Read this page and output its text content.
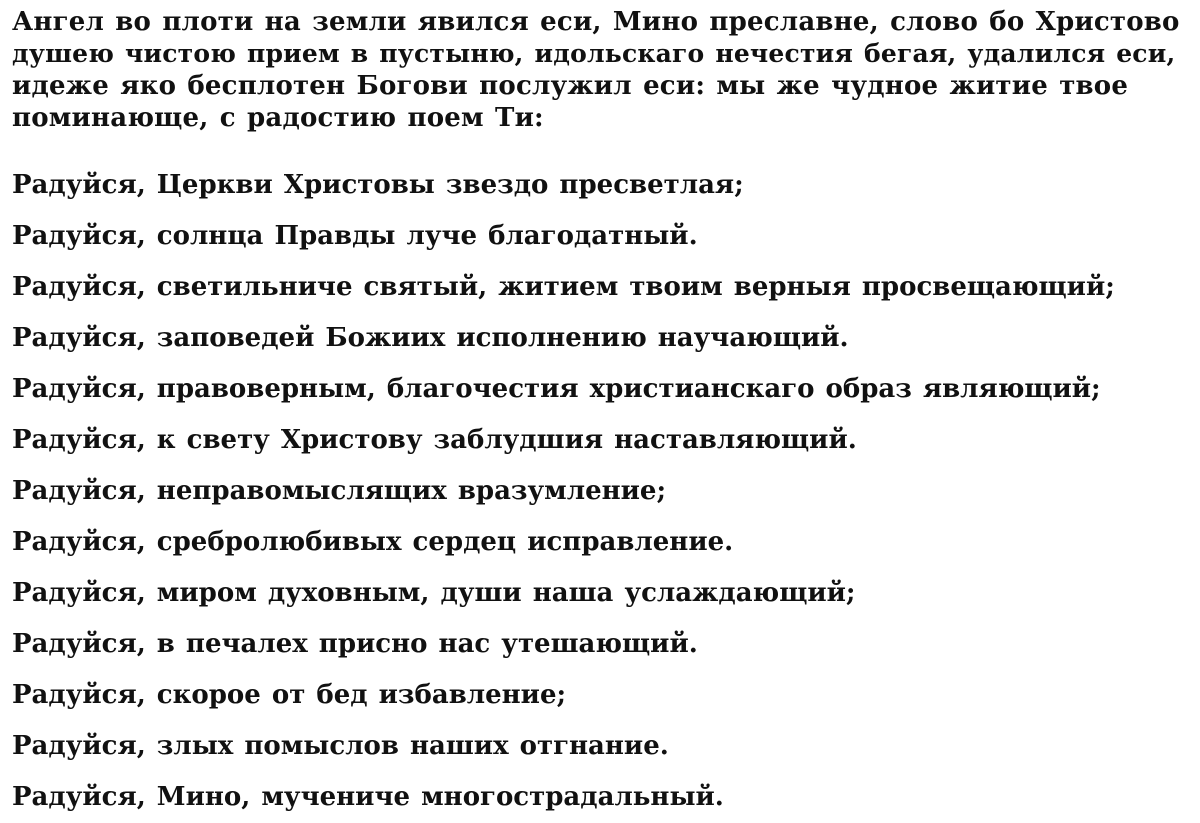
Ангел во плоти на земли явился еси, Мино преславне, слово бо Христово
душею чистою прием в пустыню, идольскаго нечестия бегая, удалился еси,
идеже яко бесплотен Богови послужил еси: мы же чудное житие твое
поминающе, с радостию поем Ти:
Радуйся, Церкви Христовы звездо пресветлая;
Радуйся, солнца Правды луче благодатный.
Радуйся, светильниче святый, житием твоим верныя просвещающий;
Радуйся, заповедей Божиих исполнению научающий.
Радуйся, правоверным, благочестия христианскаго образ являющий;
Радуйся, к свету Христову заблудшия наставляющий.
Радуйся, неправомыслящих вразумление;
Радуйся, сребролюбивых сердец исправление.
Радуйся, миром духовным, души наша услаждающий;
Радуйся, в печалех присно нас утешающий.
Радуйся, скорое от бед избавление;
Радуйся, злых помыслов наших отгнание.
Радуйся, Мино, мучениче многострадальный.
